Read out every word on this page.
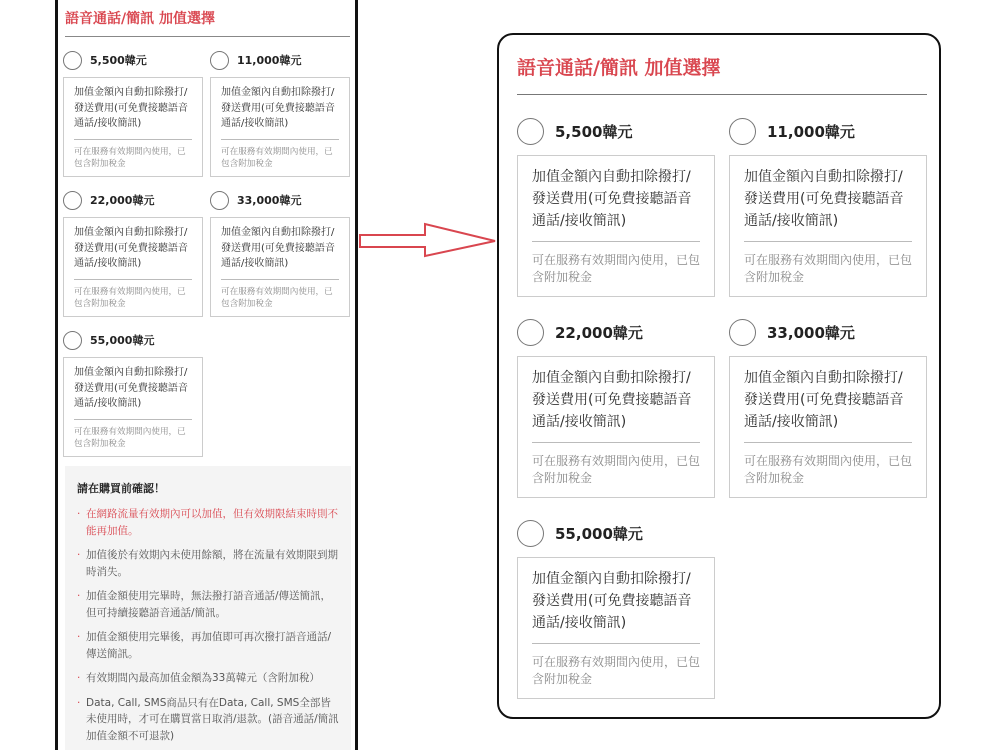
語音通話/簡訊 加值選擇
5,500韓元
加值金額內自動扣除撥打/發送費用(可免費接聽語音通話/接收簡訊)
可在服務有效期間內使用，已包含附加稅金
11,000韓元
加值金額內自動扣除撥打/發送費用(可免費接聽語音通話/接收簡訊)
可在服務有效期間內使用，已包含附加稅金
22,000韓元
加值金額內自動扣除撥打/發送費用(可免費接聽語音通話/接收簡訊)
可在服務有效期間內使用，已包含附加稅金
33,000韓元
加值金額內自動扣除撥打/發送費用(可免費接聽語音通話/接收簡訊)
可在服務有效期間內使用，已包含附加稅金
55,000韓元
加值金額內自動扣除撥打/發送費用(可免費接聽語音通話/接收簡訊)
可在服務有效期間內使用，已包含附加稅金
請在購買前確認！
· 在網路流量有效期內可以加值，但有效期限結束時則不能再加值。
· 加值後於有效期內未使用餘額，將在流量有效期限到期時消失。
· 加值金額使用完畢時，無法撥打語音通話/傳送簡訊，但可持續接聽語音通話/簡訊。
· 加值金額使用完畢後，再加值即可再次撥打語音通話/傳送簡訊。
· 有效期間內最高加值金額為33萬韓元（含附加稅）
· Data, Call, SMS商品只有在Data, Call, SMS全部皆未使用時，才可在購買當日取消/退款。(語音通話/簡訊加值金額不可退款)
語音通話/簡訊 加值選擇
5,500韓元
加值金額內自動扣除撥打/發送費用(可免費接聽語音通話/接收簡訊)
可在服務有效期間內使用，已包含附加稅金
11,000韓元
加值金額內自動扣除撥打/發送費用(可免費接聽語音通話/接收簡訊)
可在服務有效期間內使用，已包含附加稅金
22,000韓元
加值金額內自動扣除撥打/發送費用(可免費接聽語音通話/接收簡訊)
可在服務有效期間內使用，已包含附加稅金
33,000韓元
加值金額內自動扣除撥打/發送費用(可免費接聽語音通話/接收簡訊)
可在服務有效期間內使用，已包含附加稅金
55,000韓元
加值金額內自動扣除撥打/發送費用(可免費接聽語音通話/接收簡訊)
可在服務有效期間內使用，已包含附加稅金
